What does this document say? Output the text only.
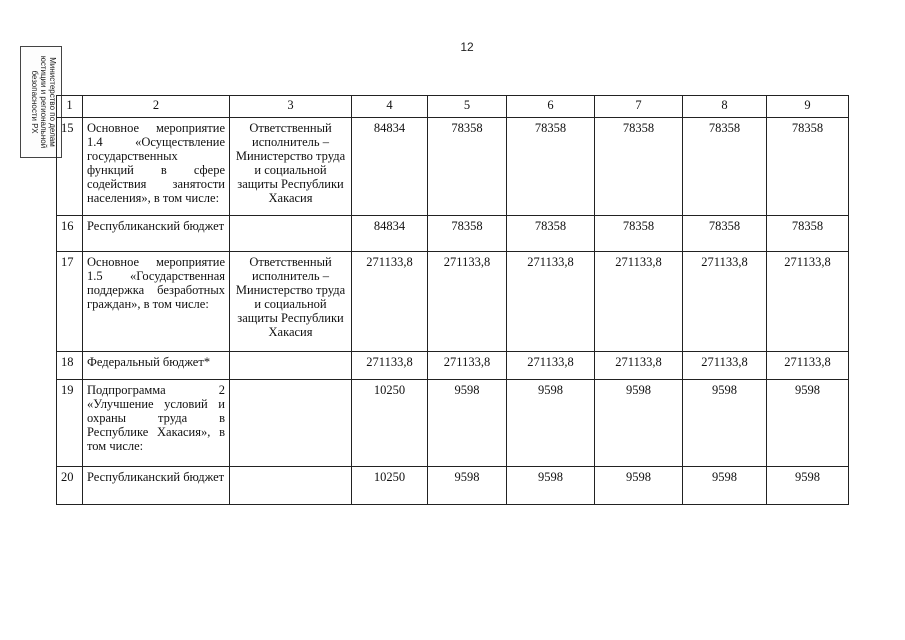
12
Министерство по делам
юстиции и региональной
безопасности РХ 1	2	3	4	5	6	7	8	9
15	Основное мероприятие 1.4 «Осуществление государственных функций в сфере содействия занятости населения», в том числе:	Ответственный исполнитель – Министерство труда и социальной защиты Республики Хакасия	84834	78358	78358	78358	78358	78358
16	Республиканский бюджет		84834	78358	78358	78358	78358	78358
17	Основное мероприятие 1.5 «Государственная поддержка безработных граждан», в том числе:	Ответственный исполнитель – Министерство труда и социальной защиты Республики Хакасия	271133,8	271133,8	271133,8	271133,8	271133,8	271133,8
18	Федеральный бюджет*		271133,8	271133,8	271133,8	271133,8	271133,8	271133,8
19	Подпрограмма 2 «Улучшение условий и охраны труда в Республике Хакасия», в том числе:		10250	9598	9598	9598	9598	9598
20	Республиканский бюджет		10250	9598	9598	9598	9598	9598
